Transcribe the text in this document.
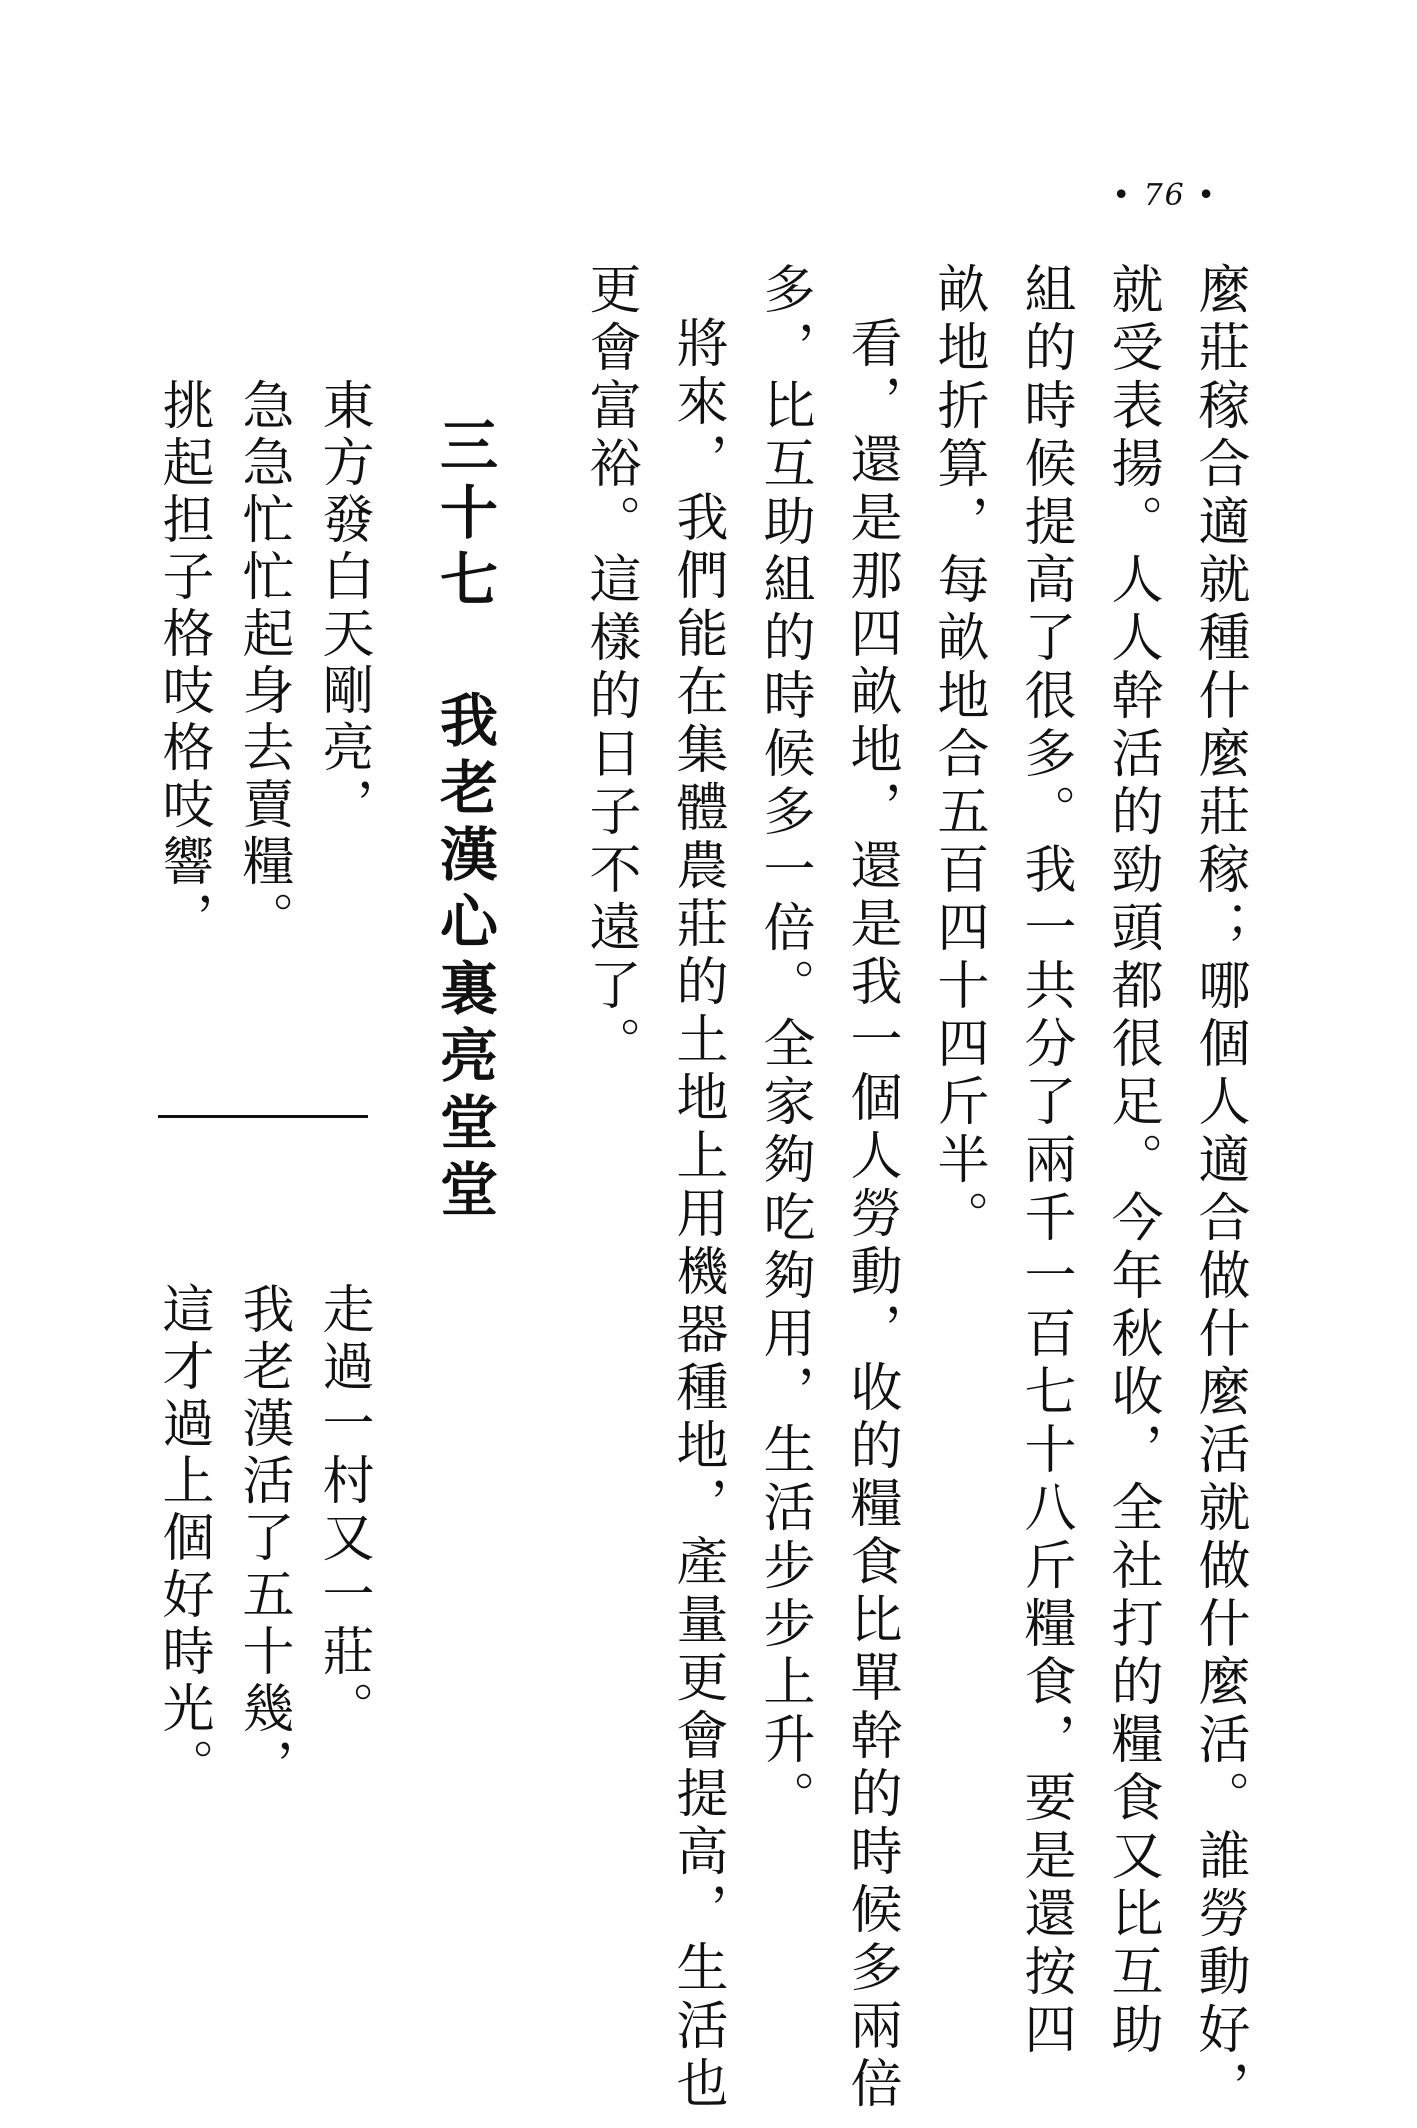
• 76 •
麼莊稼合適就種什麼莊稼；哪個人適合做什麼活就做什麼活。誰勞動好，
就受表揚。人人幹活的勁頭都很足。今年秋收，全社打的糧食又比互助
組的時候提高了很多。我一共分了兩千一百七十八斤糧食，要是還按四
畝地折算，每畝地合五百四十四斤半。
看，還是那四畝地，還是我一個人勞動，收的糧食比單幹的時候多兩倍
多，比互助組的時候多一倍。全家夠吃夠用，生活步步上升。
將來，我們能在集體農莊的土地上用機器種地，產量更會提高，生活也
更會富裕。這樣的日子不遠了。
三十七
我老漢心裏亮堂堂
東方發白天剛亮，
急急忙忙起身去賣糧。
挑起担子格吱格吱響，
走過一村又一莊。
我老漢活了五十幾，
這才過上個好時光。
